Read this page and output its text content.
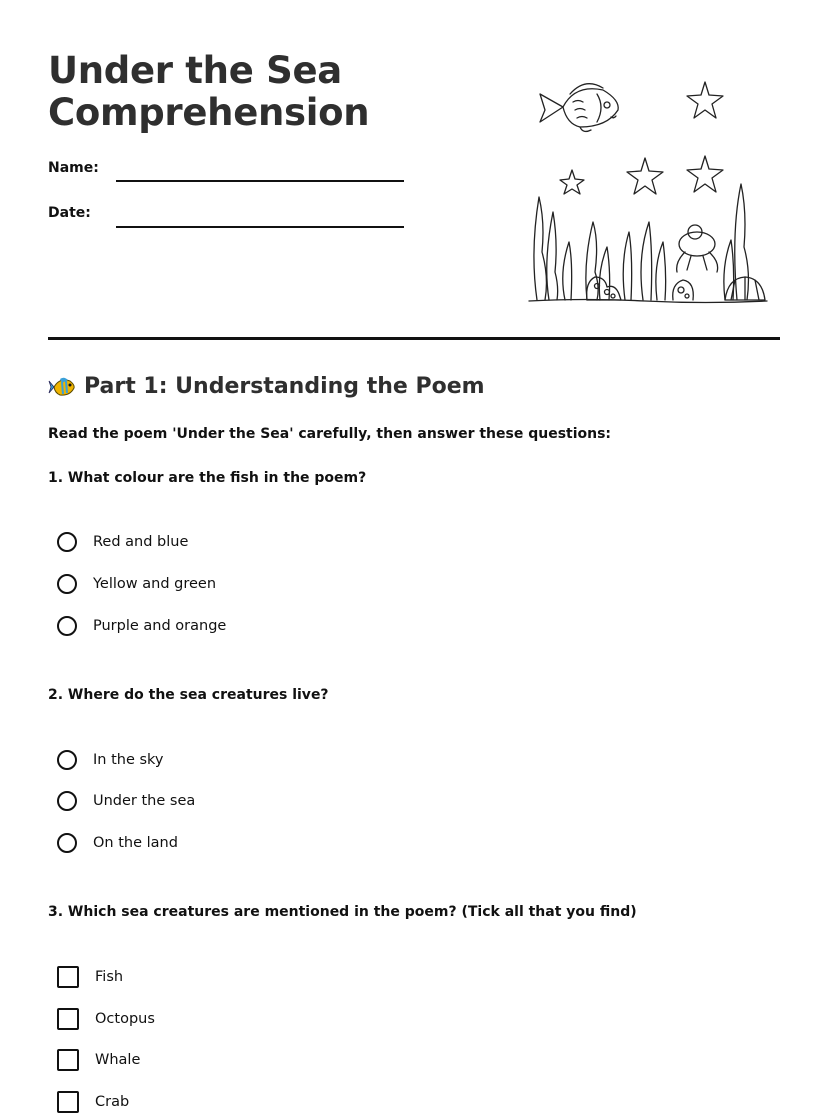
Under the Sea
Comprehension
Name:
Date:
Part 1: Understanding the Poem
Read the poem 'Under the Sea' carefully, then answer these questions:
1. What colour are the fish in the poem?
Red and blue
Yellow and green
Purple and orange
2. Where do the sea creatures live?
In the sky
Under the sea
On the land
3. Which sea creatures are mentioned in the poem? (Tick all that you find)
Fish
Octopus
Whale
Crab
